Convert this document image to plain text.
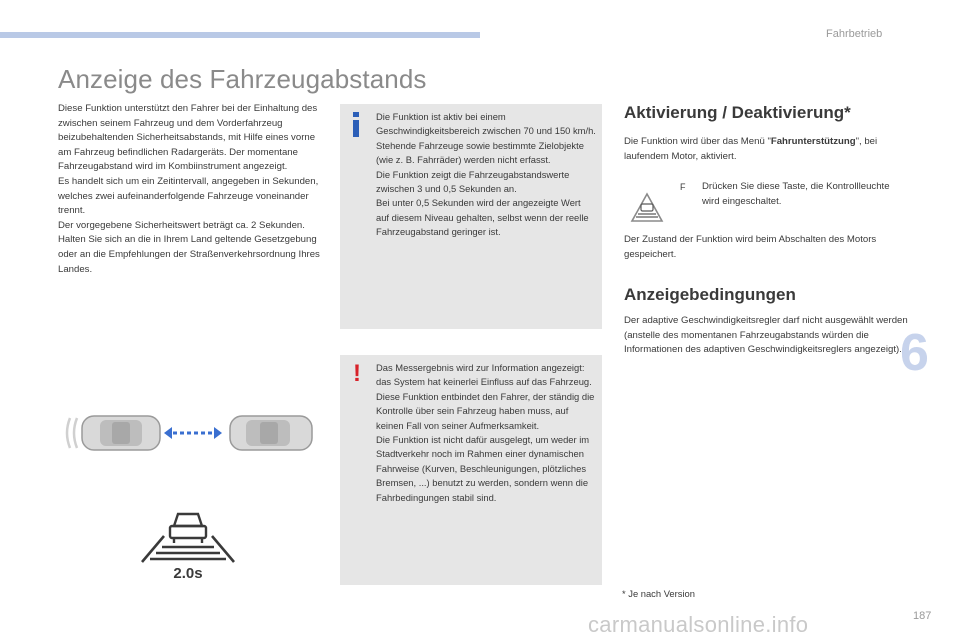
Fahrbetrieb
Anzeige des Fahrzeugabstands

Diese Funktion unterstützt den Fahrer bei der Einhaltung des zwischen seinem Fahrzeug und dem Vorderfahrzeug beizubehaltenden Sicherheitsabstands, mit Hilfe eines vorne am Fahrzeug befindlichen Radargeräts. Der momentane Fahrzeugabstand wird im Kombiinstrument angezeigt.

Es handelt sich um ein Zeitintervall, angegeben in Sekunden, welches zwei aufeinanderfolgende Fahrzeuge voneinander trennt.

Der vorgegebene Sicherheitswert beträgt ca. 2 Sekunden.

Halten Sie sich an die in Ihrem Land geltende Gesetzgebung oder an die Empfehlungen der Straßenverkehrsordnung Ihres Landes.

Die Funktion ist aktiv bei einem Geschwindigkeitsbereich zwischen 70 und 150 km/h.

Stehende Fahrzeuge sowie bestimmte Zielobjekte (wie z. B. Fahrräder) werden nicht erfasst.

Die Funktion zeigt die Fahrzeugabstandswerte zwischen 3 und 0,5 Sekunden an.

Bei unter 0,5 Sekunden wird der angezeigte Wert auf diesem Niveau gehalten, selbst wenn der reelle Fahrzeugabstand geringer ist.

!	Das Messergebnis wird zur Information angezeigt: das System hat keinerlei Einfluss auf das Fahrzeug.

Diese Funktion entbindet den Fahrer, der ständig die Kontrolle über sein Fahrzeug haben muss, auf keinen Fall von seiner Aufmerksamkeit.

Die Funktion ist nicht dafür ausgelegt, um weder im Stadtverkehr noch im Rahmen einer dynamischen Fahrweise (Kurven, Beschleunigungen, plötzliches Bremsen, ...) benutzt zu werden, sondern wenn die Fahrbedingungen stabil sind.

2.0s
Aktivierung / Deaktivierung*

Die Funktion wird über das Menü "Fahrunterstützung", bei laufendem Motor, aktiviert.

F Drücken Sie diese Taste, die Kontrollleuchte wird eingeschaltet.

Der Zustand der Funktion wird beim Abschalten des Motors gespeichert.

Anzeigebedingungen

Der adaptive Geschwindigkeitsregler darf nicht ausgewählt werden (anstelle des momentanen Fahrzeugabstands würden die Informationen des adaptiven Geschwindigkeitsreglers angezeigt).

* Je nach Version
6
carmanualsonline.info	187
